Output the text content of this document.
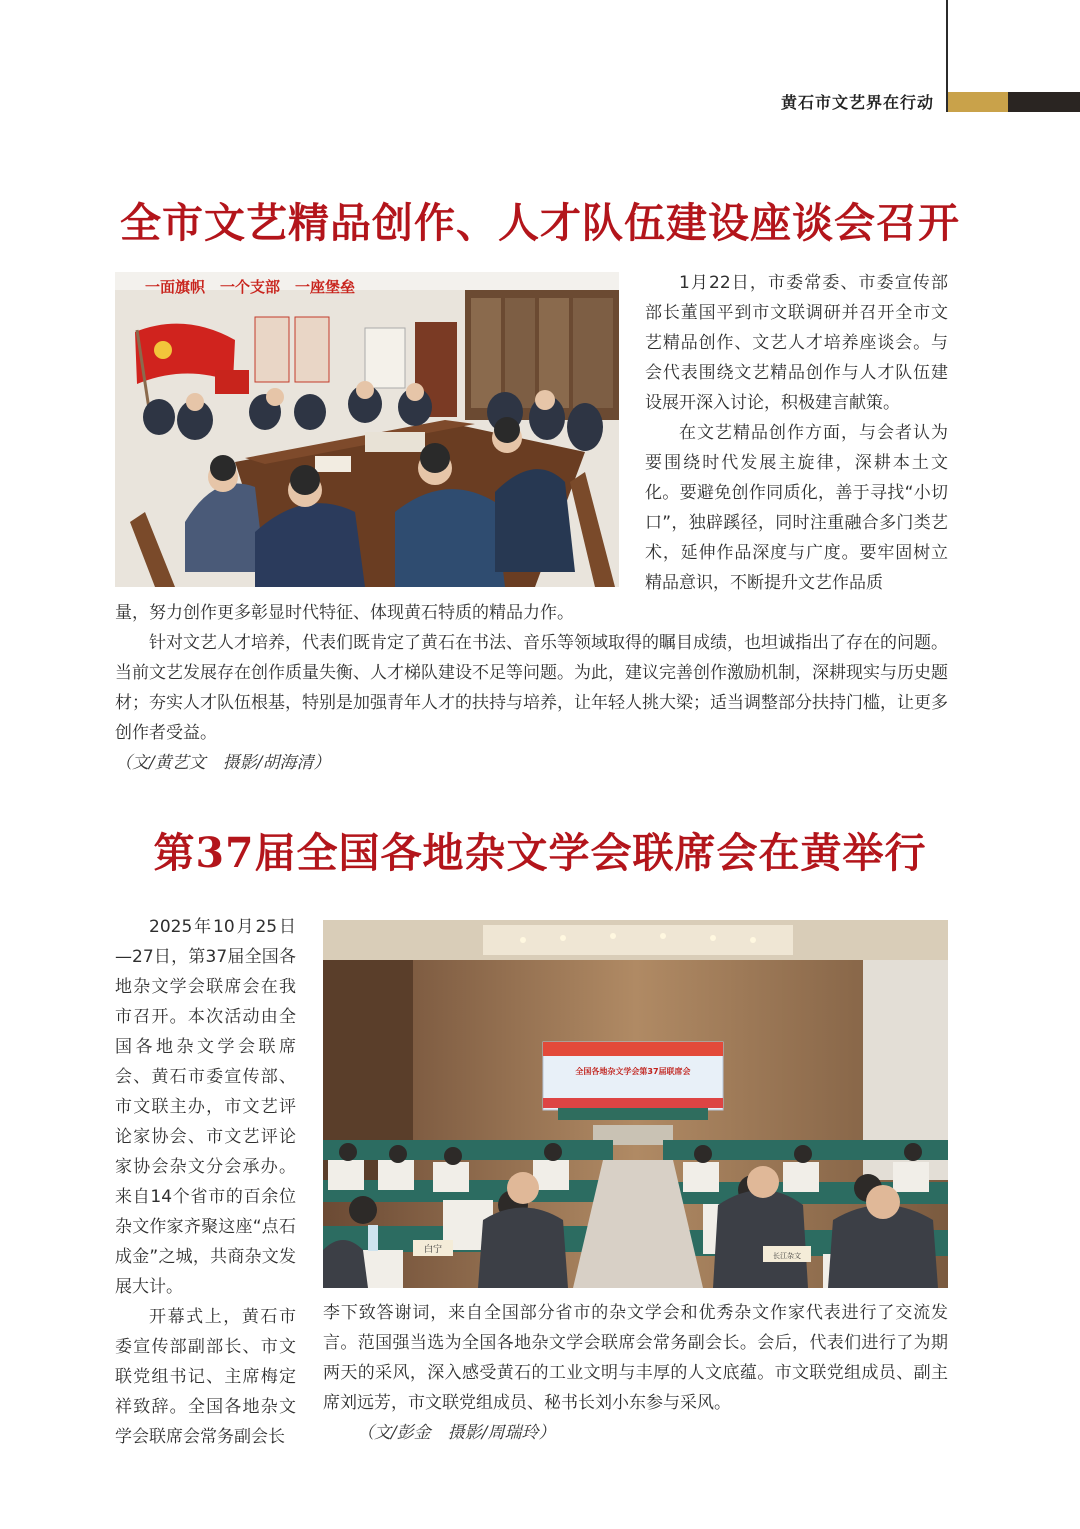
黄石市文艺界在行动
全市文艺精品创作、人才队伍建设座谈会召开
一面旗帜　一个支部　一座堡垒	1月22日，市委常委、市委宣传部部长董国平到市文联调研并召开全市文艺精品创作、文艺人才培养座谈会。与会代表围绕文艺精品创作与人才队伍建设展开深入讨论，积极建言献策。

在文艺精品创作方面，与会者认为要围绕时代发展主旋律，深耕本土文化。要避免创作同质化，善于寻找“小切口”，独辟蹊径，同时注重融合多门类艺术，延伸作品深度与广度。要牢固树立精品意识，不断提升文艺作品质

量，努力创作更多彰显时代特征、体现黄石特质的精品力作。

针对文艺人才培养，代表们既肯定了黄石在书法、音乐等领域取得的瞩目成绩，也坦诚指出了存在的问题。当前文艺发展存在创作质量失衡、人才梯队建设不足等问题。为此，建议完善创作激励机制，深耕现实与历史题材；夯实人才队伍根基，特别是加强青年人才的扶持与培养，让年轻人挑大梁；适当调整部分扶持门槛，让更多创作者受益。

（文/黄艺文　摄影/胡海清）

第37届全国各地杂文学会联席会在黄举行

2025年10月25日—27日，第37届全国各地杂文学会联席会在我市召开。本次活动由全国各地杂文学会联席会、黄石市委宣传部、市文联主办，市文艺评论家协会、市文艺评论家协会杂文分会承办。来自14个省市的百余位杂文作家齐聚这座“点石成金”之城，共商杂文发展大计。

开幕式上，黄石市委宣传部副部长、市文联党组书记、主席梅定祥致辞。全国各地杂文学会联席会常务副会长

全国各地杂文学会第37届联席会
白宁
长江杂文

李下致答谢词，来自全国部分省市的杂文学会和优秀杂文作家代表进行了交流发言。范国强当选为全国各地杂文学会联席会常务副会长。会后，代表们进行了为期两天的采风，深入感受黄石的工业文明与丰厚的人文底蕴。市文联党组成员、副主席刘远芳，市文联党组成员、秘书长刘小东参与采风。

（文/彭金　摄影/周瑞玲）
